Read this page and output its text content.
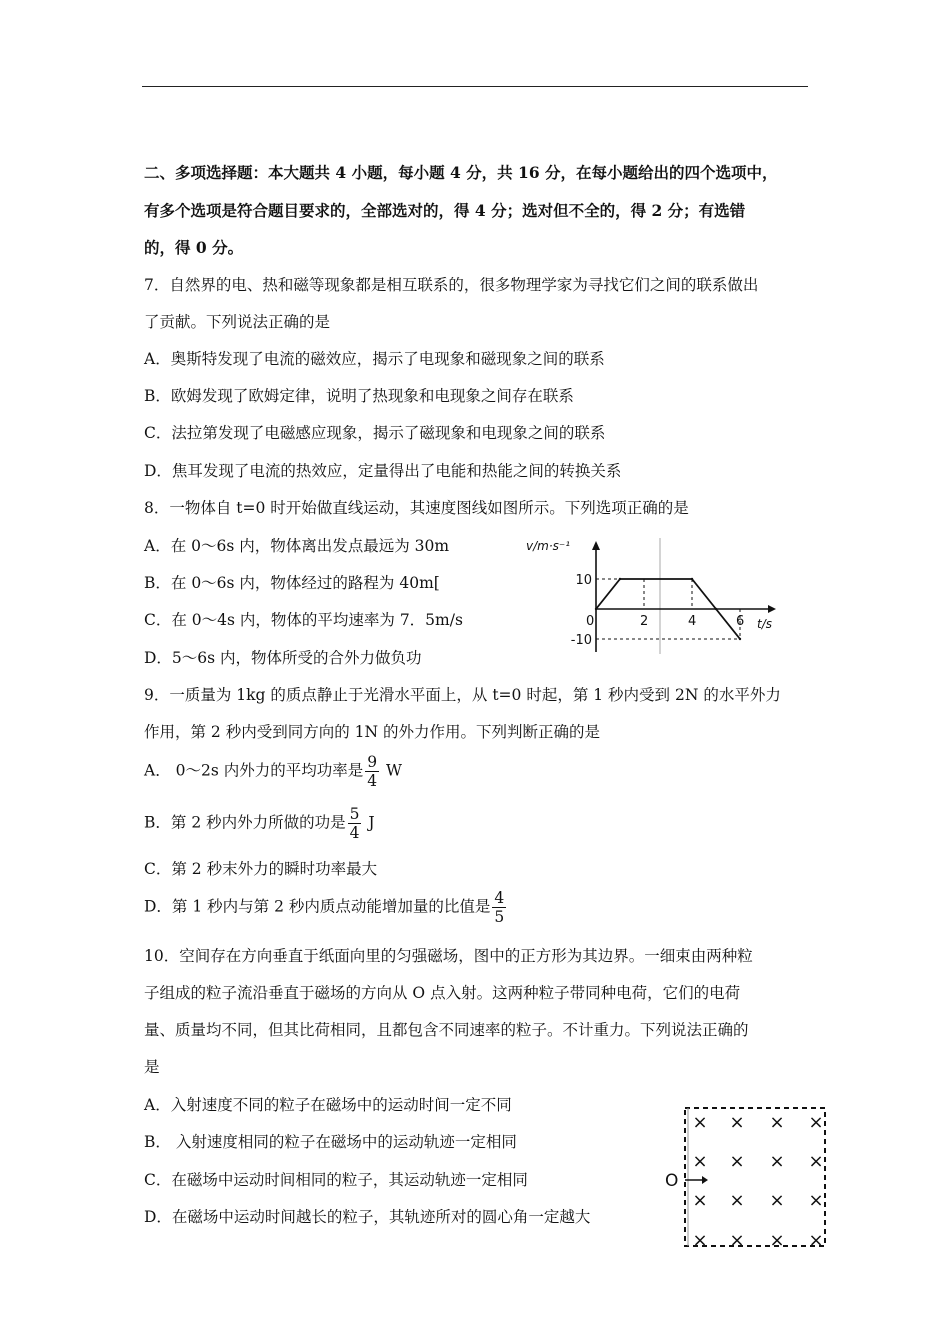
二、多项选择题：本大题共 4 小题，每小题 4 分，共 16 分，在每小题给出的四个选项中，
有多个选项是符合题目要求的，全部选对的，得 4 分；选对但不全的，得 2 分；有选错
的，得 0 分。
7．自然界的电、热和磁等现象都是相互联系的，很多物理学家为寻找它们之间的联系做出
了贡献。下列说法正确的是
A．奥斯特发现了电流的磁效应，揭示了电现象和磁现象之间的联系
B．欧姆发现了欧姆定律，说明了热现象和电现象之间存在联系
C．法拉第发现了电磁感应现象，揭示了磁现象和电现象之间的联系
D．焦耳发现了电流的热效应，定量得出了电能和热能之间的转换关系
8．一物体自 t=0 时开始做直线运动，其速度图线如图所示。下列选项正确的是
A．在 0～6s 内，物体离出发点最远为 30m
B．在 0～6s 内，物体经过的路程为 40m[
C．在 0～4s 内，物体的平均速率为 7．5m/s
D．5～6s 内，物体所受的合外力做负功
0	2	4	6
10
-10
v/m·s⁻¹
t/s
9．一质量为 1kg 的质点静止于光滑水平面上，从 t=0 时起，第 1 秒内受到 2N 的水平外力
作用，第 2 秒内受到同方向的 1N 的外力作用。下列判断正确的是
A． 0～2s 内外力的平均功率是 $\frac{9}{4}$ W
B．第 2 秒内外力所做的功是 $\frac{5}{4}$ J
C．第 2 秒末外力的瞬时功率最大
D．第 1 秒内与第 2 秒内质点动能增加量的比值是 $\frac{4}{5}$
10．空间存在方向垂直于纸面向里的匀强磁场，图中的正方形为其边界。一细束由两种粒
子组成的粒子流沿垂直于磁场的方向从 O 点入射。这两种粒子带同种电荷，它们的电荷
量、质量均不同，但其比荷相同，且都包含不同速率的粒子。不计重力。下列说法正确的
是
A．入射速度不同的粒子在磁场中的运动时间一定不同
B． 入射速度相同的粒子在磁场中的运动轨迹一定相同
C．在磁场中运动时间相同的粒子，其运动轨迹一定相同
D．在磁场中运动时间越长的粒子，其轨迹所对的圆心角一定越大
O
× × × ×
× × × ×
× × × ×
× × × ×
